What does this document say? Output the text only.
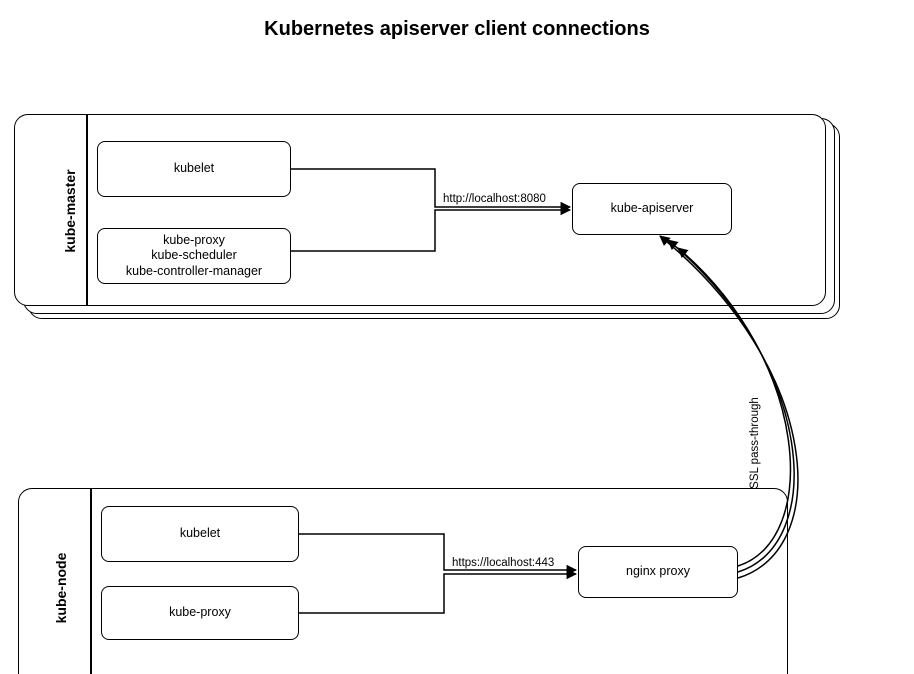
Kubernetes apiserver client connections
kube-master
kubelet
kube-proxy
kube-scheduler
kube-controller-manager
kube-apiserver
kube-node
kubelet
kube-proxy
nginx proxy
http://localhost:8080
https://localhost:443
SSL pass-through
